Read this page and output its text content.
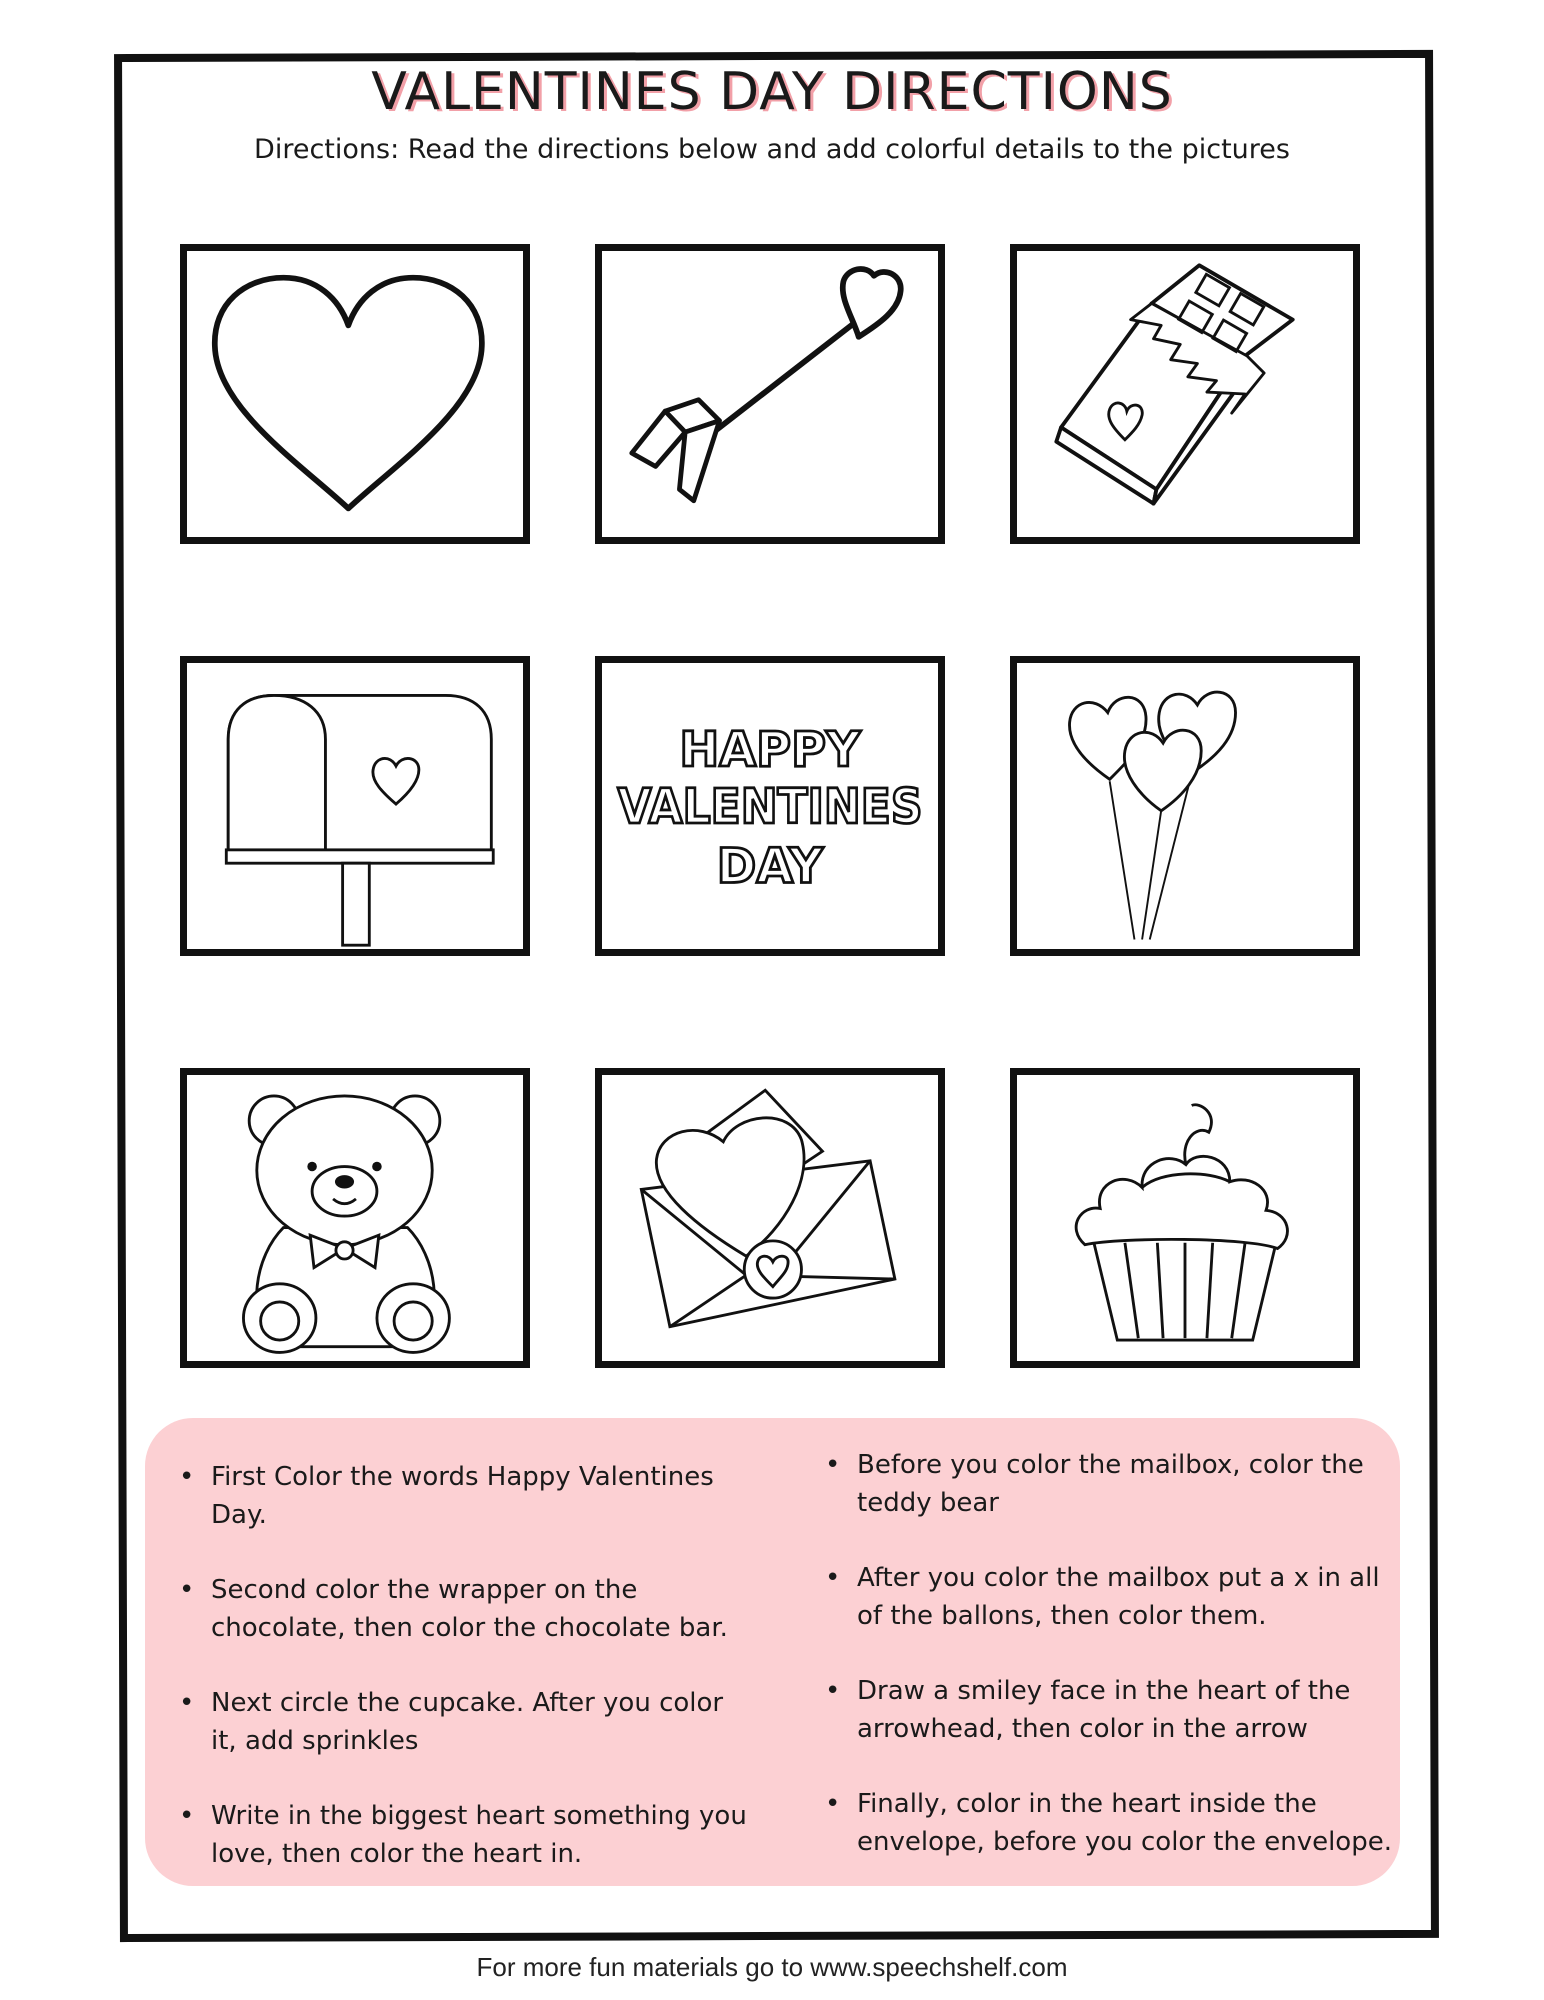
VALENTINES DAY DIRECTIONS
Directions: Read the directions below and add colorful details to the pictures
HAPPY
VALENTINES
DAY
• First Color the words Happy Valentines Day.
• Second color the wrapper on the chocolate, then color the chocolate bar.
• Next circle the cupcake. After you color it, add sprinkles
• Write in the biggest heart something you love, then color the heart in.
• Before you color the mailbox, color the teddy bear
• After you color the mailbox put a x in all of the ballons, then color them.
• Draw a smiley face in the heart of the arrowhead, then color in the arrow
• Finally, color in the heart inside the envelope, before you color the envelope.
For more fun materials go to www.speechshelf.com
